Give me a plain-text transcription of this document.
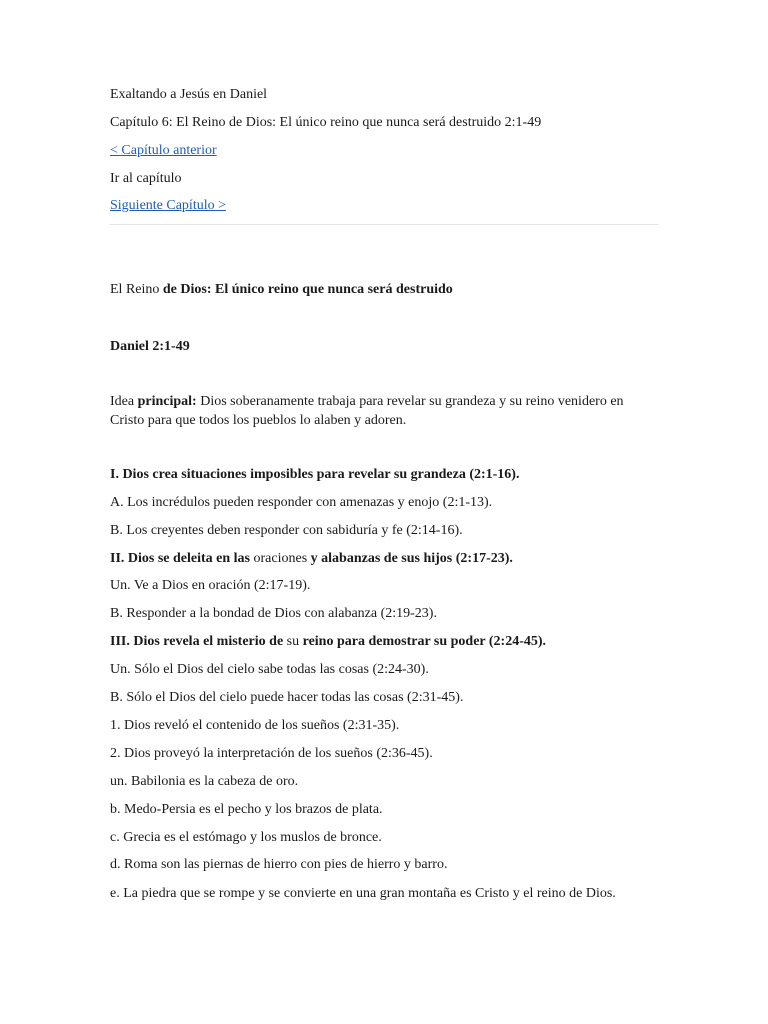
Exaltando a Jesús en Daniel
Capítulo 6: El Reino de Dios: El único reino que nunca será destruido 2:1-49
< Capítulo anterior
Ir al capítulo
Siguiente Capítulo >
El Reino de Dios: El único reino que nunca será destruido
Daniel 2:1-49
Idea principal: Dios soberanamente trabaja para revelar su grandeza y su reino venidero en Cristo para que todos los pueblos lo alaben y adoren.
I. Dios crea situaciones imposibles para revelar su grandeza (2:1-16).
A. Los incrédulos pueden responder con amenazas y enojo (2:1-13).
B. Los creyentes deben responder con sabiduría y fe (2:14-16).
II. Dios se deleita en las oraciones y alabanzas de sus hijos (2:17-23).
Un. Ve a Dios en oración (2:17-19).
B. Responder a la bondad de Dios con alabanza (2:19-23).
III. Dios revela el misterio de su reino para demostrar su poder (2:24-45).
Un. Sólo el Dios del cielo sabe todas las cosas (2:24-30).
B. Sólo el Dios del cielo puede hacer todas las cosas (2:31-45).
1. Dios reveló el contenido de los sueños (2:31-35).
2. Dios proveyó la interpretación de los sueños (2:36-45).
un. Babilonia es la cabeza de oro.
b. Medo-Persia es el pecho y los brazos de plata.
c. Grecia es el estómago y los muslos de bronce.
d. Roma son las piernas de hierro con pies de hierro y barro.
e. La piedra que se rompe y se convierte en una gran montaña es Cristo y el reino de Dios.
